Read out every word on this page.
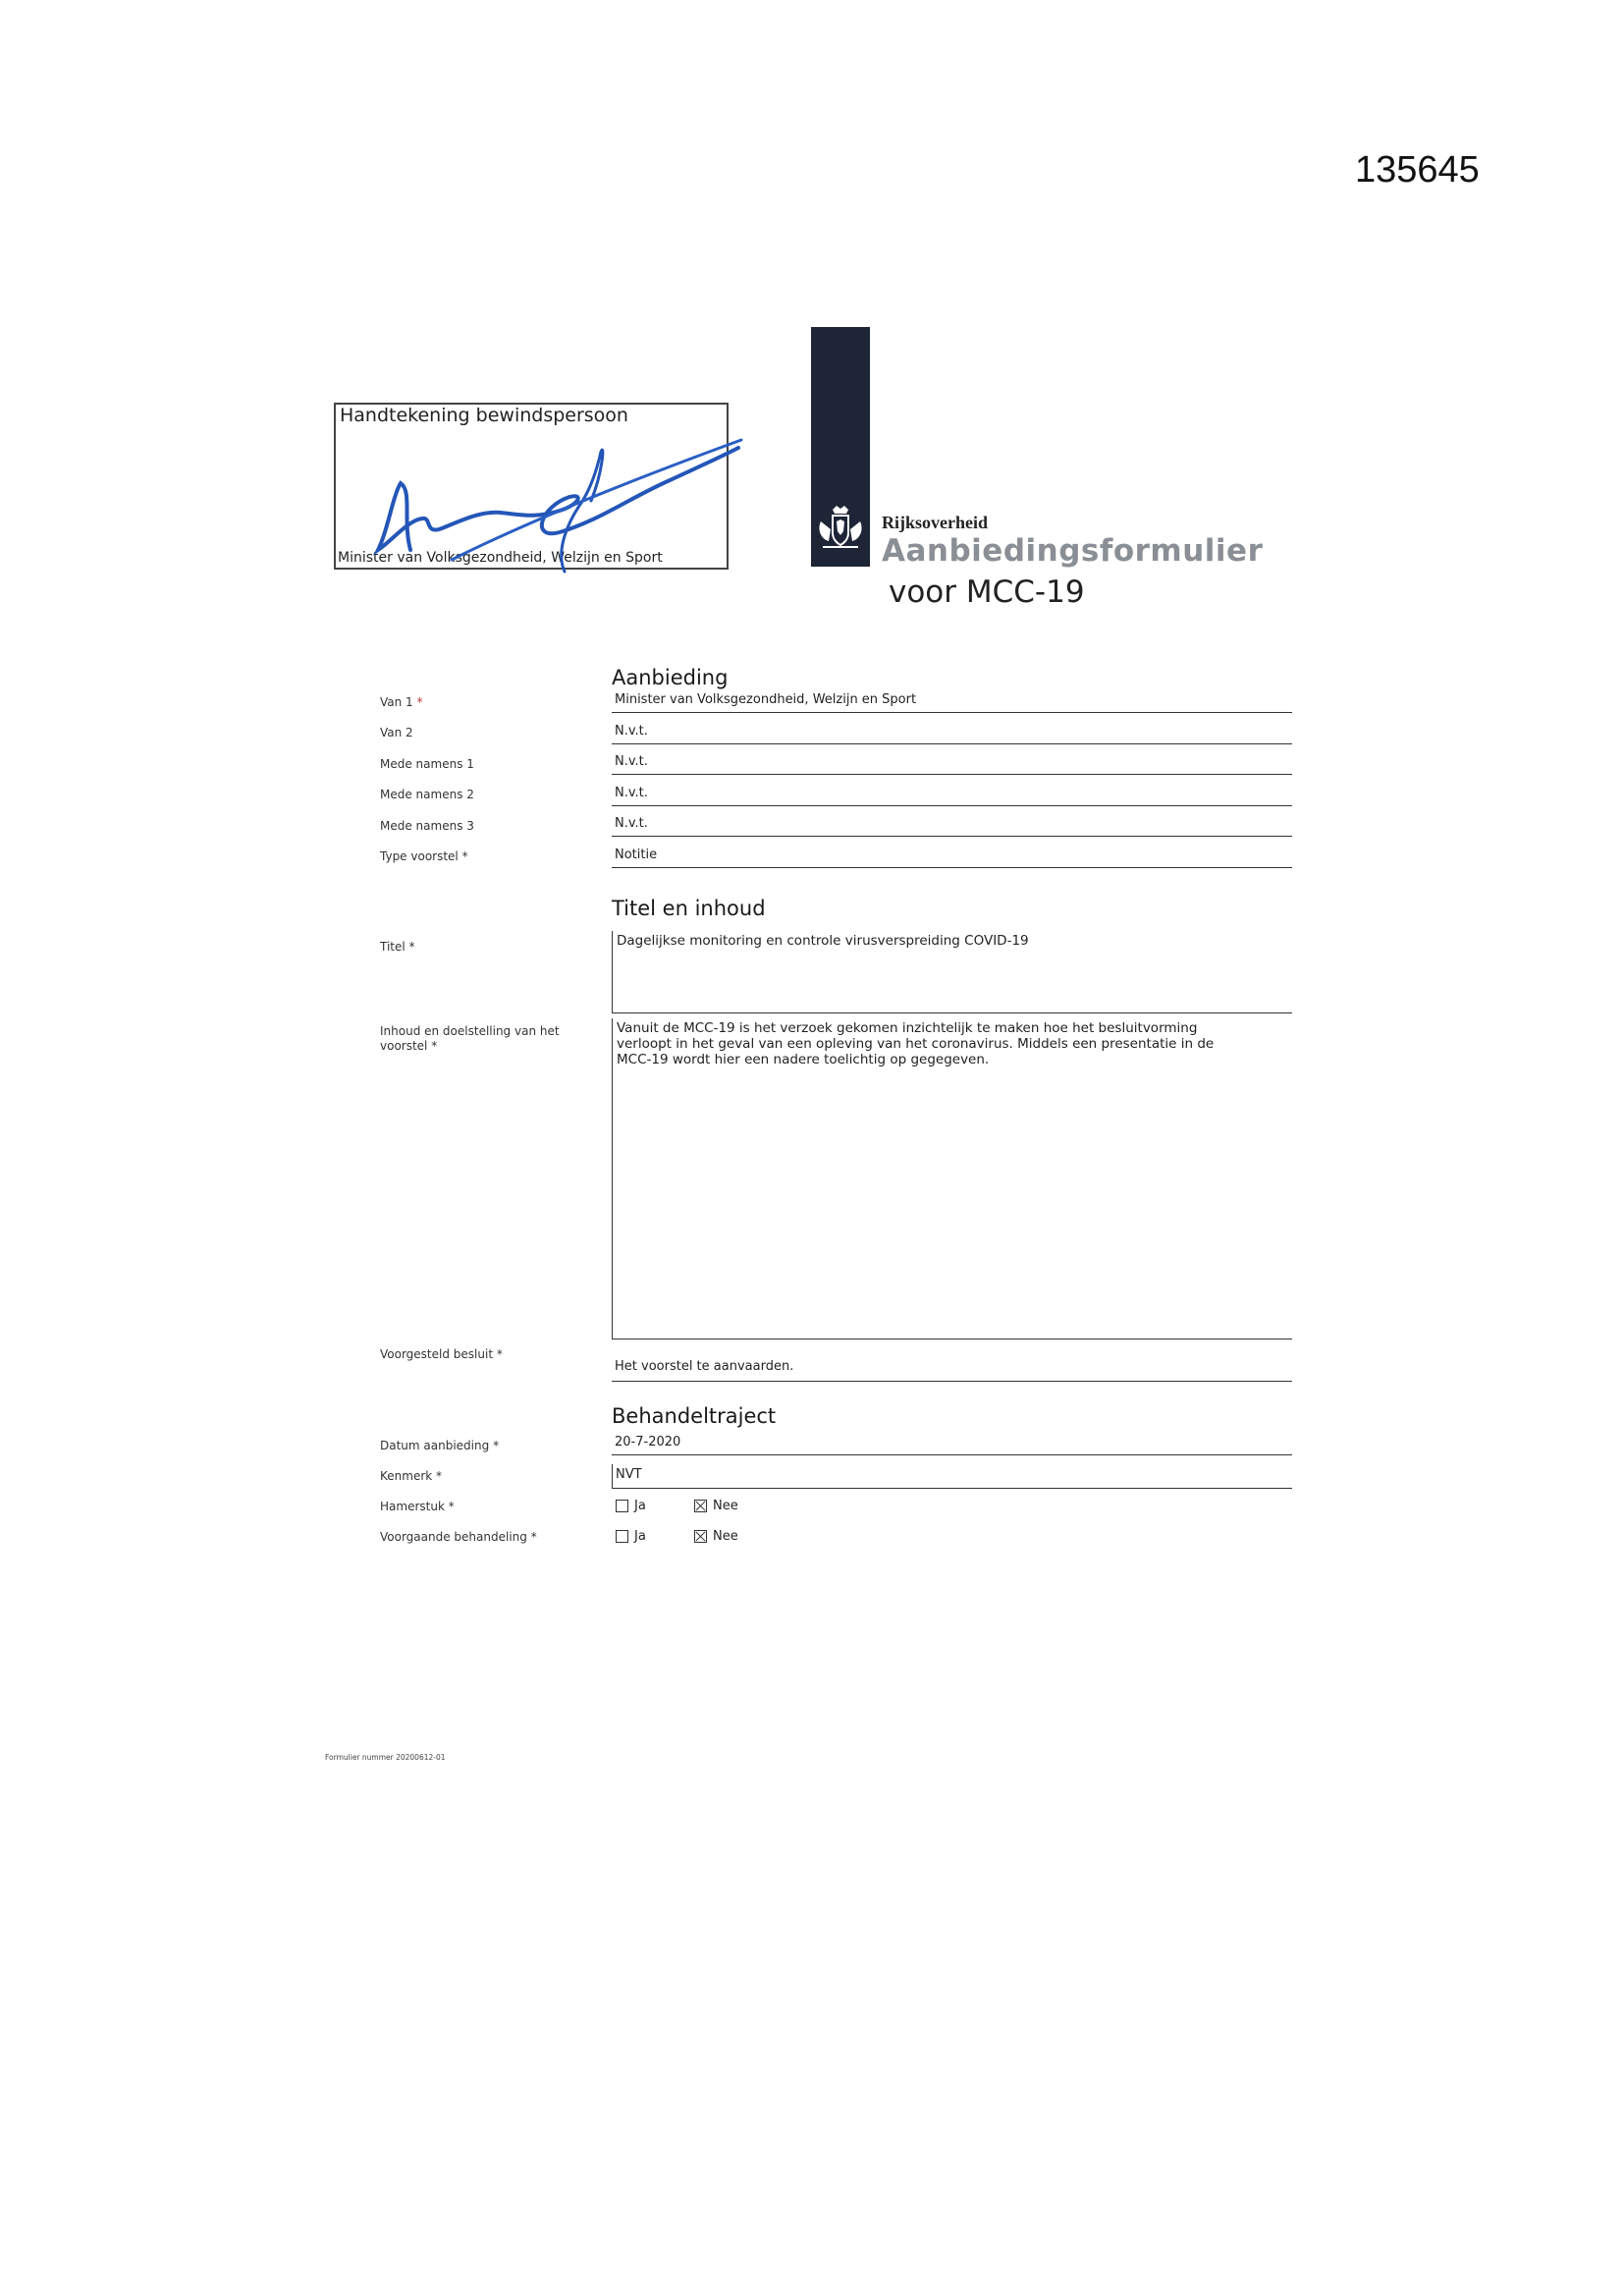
135645
Handtekening bewindspersoon
Minister van Volksgezondheid, Welzijn en Sport
Rijksoverheid
Aanbiedingsformulier
voor MCC-19
Aanbieding
Van 1 *	Minister van Volksgezondheid, Welzijn en Sport
Van 2	N.v.t.
Mede namens 1	N.v.t.
Mede namens 2	N.v.t.
Mede namens 3	N.v.t.
Type voorstel *	Notitie
Titel en inhoud
Titel *	Dagelijkse monitoring en controle virusverspreiding COVID-19
Inhoud en doelstelling van het
voorstel *
Vanuit de MCC-19 is het verzoek gekomen inzichtelijk te maken hoe het besluitvorming
verloopt in het geval van een opleving van het coronavirus. Middels een presentatie in de
MCC-19 wordt hier een nadere toelichtig op gegegeven.
Voorgesteld besluit *
Het voorstel te aanvaarden.
Behandeltraject
Datum aanbieding *	20-7-2020
Kenmerk *	NVT
Hamerstuk *	Ja	Nee
Voorgaande behandeling *	Ja	Nee
Formulier nummer 20200612-01
